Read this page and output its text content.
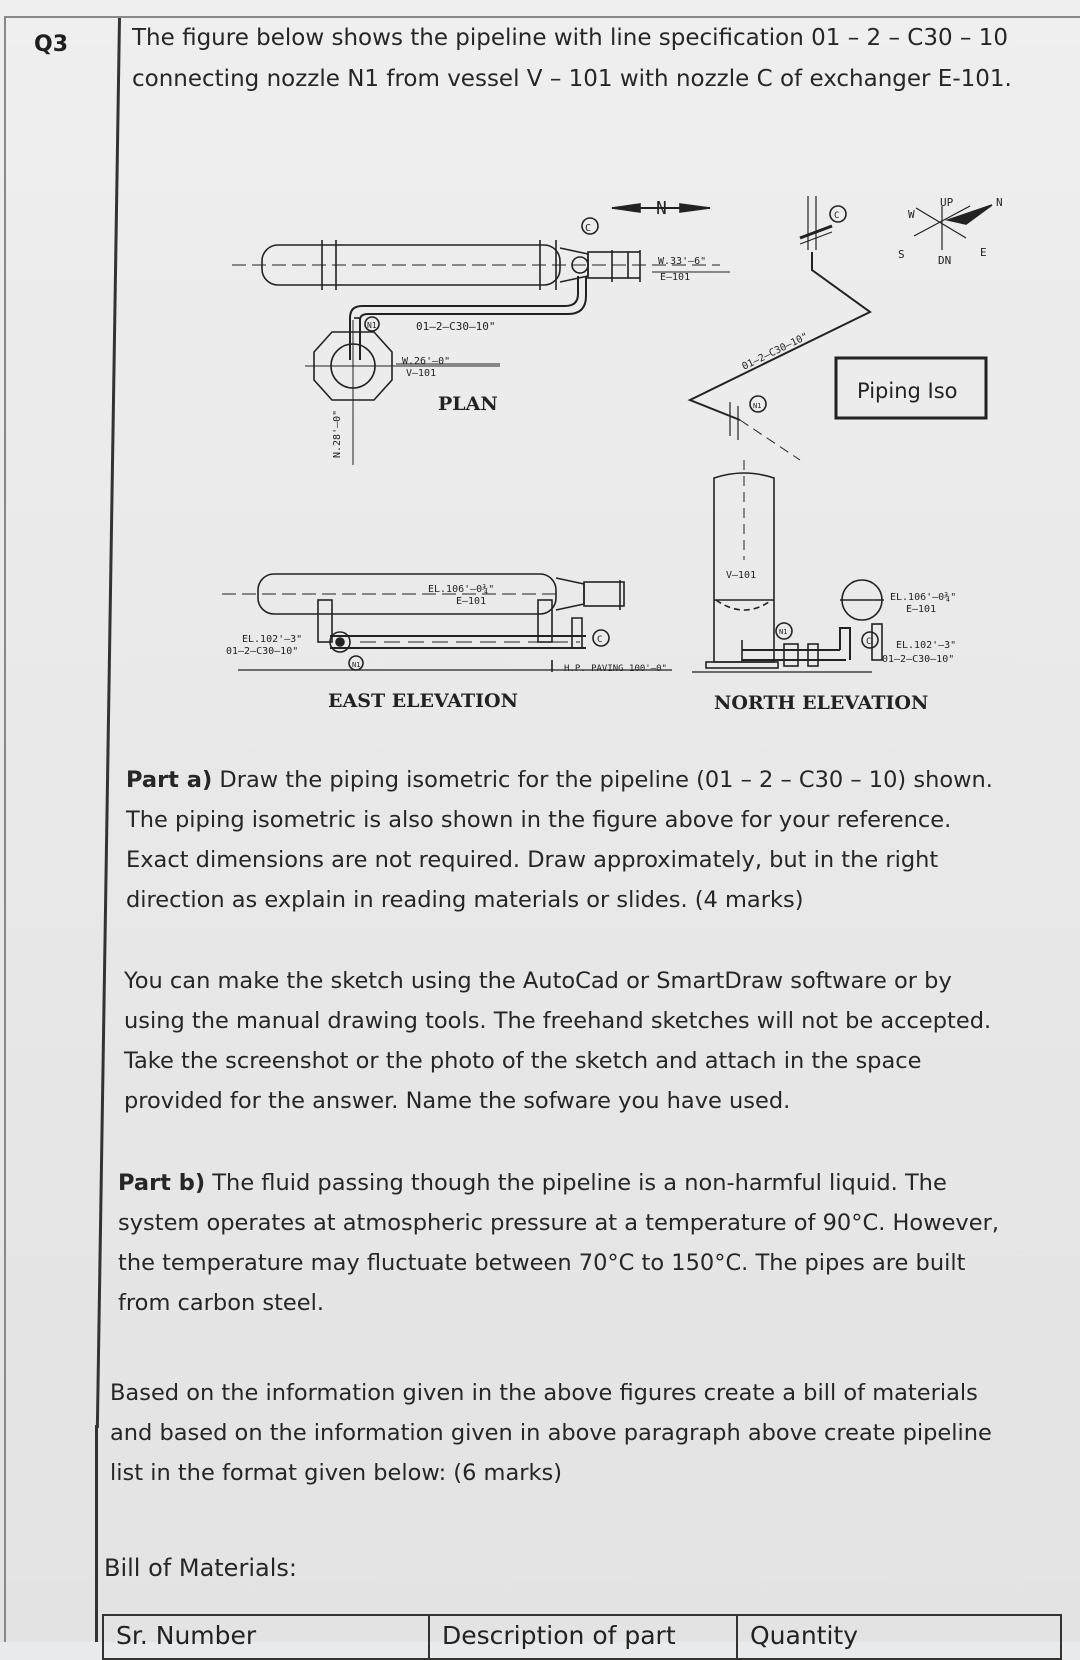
Q3	The figure below shows the pipeline with line specification 01 – 2 – C30 – 10
connecting nozzle N1 from vessel V – 101 with nozzle C of exchanger E-101.
N
C
N1	01–2–C30–10"
W.33'–6"
E–101
W.26'–0"
V–101
N.28'–0"
PLAN
EL.106'–0¾"
E–101
EL.102'–3"
01–2–C30–10"
N1
C
H.P. PAVING 100'–0"
EAST ELEVATION
V–101
EL.106'–0¾"
E–101
EL.102'–3"
01–2–C30–10"
N1
C
NORTH ELEVATION
01–2–C30–10"
C
N1
Piping Iso
UP
DN
N
S	E
W
Part a) Draw the piping isometric for the pipeline (01 – 2 – C30 – 10) shown.
The piping isometric is also shown in the figure above for your reference.
Exact dimensions are not required. Draw approximately, but in the right
direction as explain in reading materials or slides. (4 marks)
You can make the sketch using the AutoCad or SmartDraw software or by
using the manual drawing tools. The freehand sketches will not be accepted.
Take the screenshot or the photo of the sketch and attach in the space
provided for the answer. Name the sofware you have used.
Part b) The fluid passing though the pipeline is a non-harmful liquid. The
system operates at atmospheric pressure at a temperature of 90°C. However,
the temperature may fluctuate between 70°C to 150°C. The pipes are built
from carbon steel.
Based on the information given in the above figures create a bill of materials
and based on the information given in above paragraph above create pipeline
list in the format given below: (6 marks)
Bill of Materials:
Sr. Number	Description of part	Quantity
